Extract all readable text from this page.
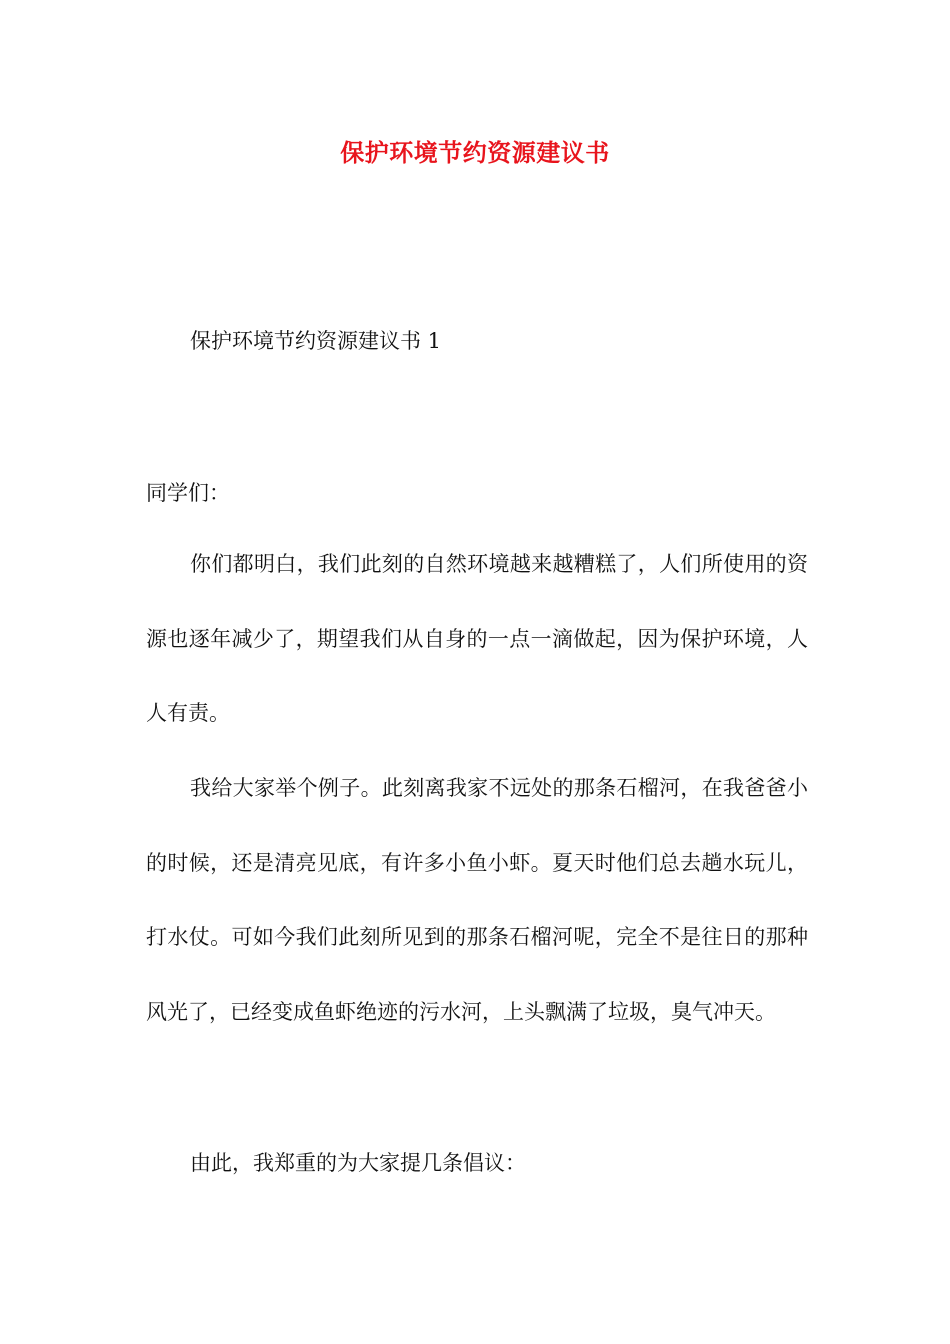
保护环境节约资源建议书
保护环境节约资源建议书 1
同学们：

你们都明白，我们此刻的自然环境越来越糟糕了，人们所使用的资源也逐年减少了，期望我们从自身的一点一滴做起，因为保护环境，人人有责。

我给大家举个例子。此刻离我家不远处的那条石榴河，在我爸爸小的时候，还是清亮见底，有许多小鱼小虾。夏天时他们总去趟水玩儿，打水仗。可如今我们此刻所见到的那条石榴河呢，完全不是往日的那种风光了，已经变成鱼虾绝迹的污水河，上头飘满了垃圾，臭气冲天。

由此，我郑重的为大家提几条倡议：
